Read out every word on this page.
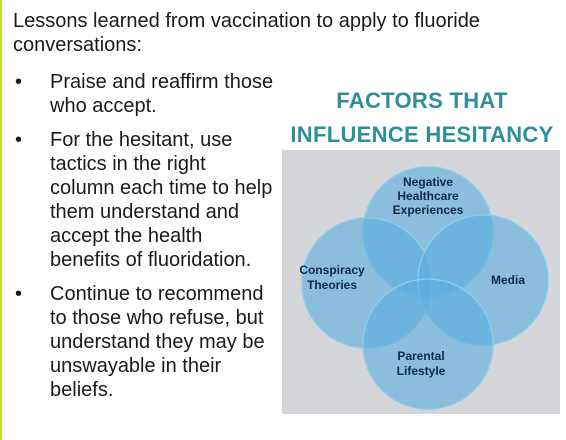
Lessons learned from vaccination to apply to fluoride conversations:
• Praise and reaffirm those who accept.
• For the hesitant, use tactics in the right column each time to help them understand and accept the health benefits of fluoridation.
• Continue to recommend to those who refuse, but understand they may be unswayable in their beliefs.
FACTORS THAT
INFLUENCE HESITANCY
Negative
Healthcare
Experiences
Conspiracy
Theories	Media
Parental
Lifestyle
